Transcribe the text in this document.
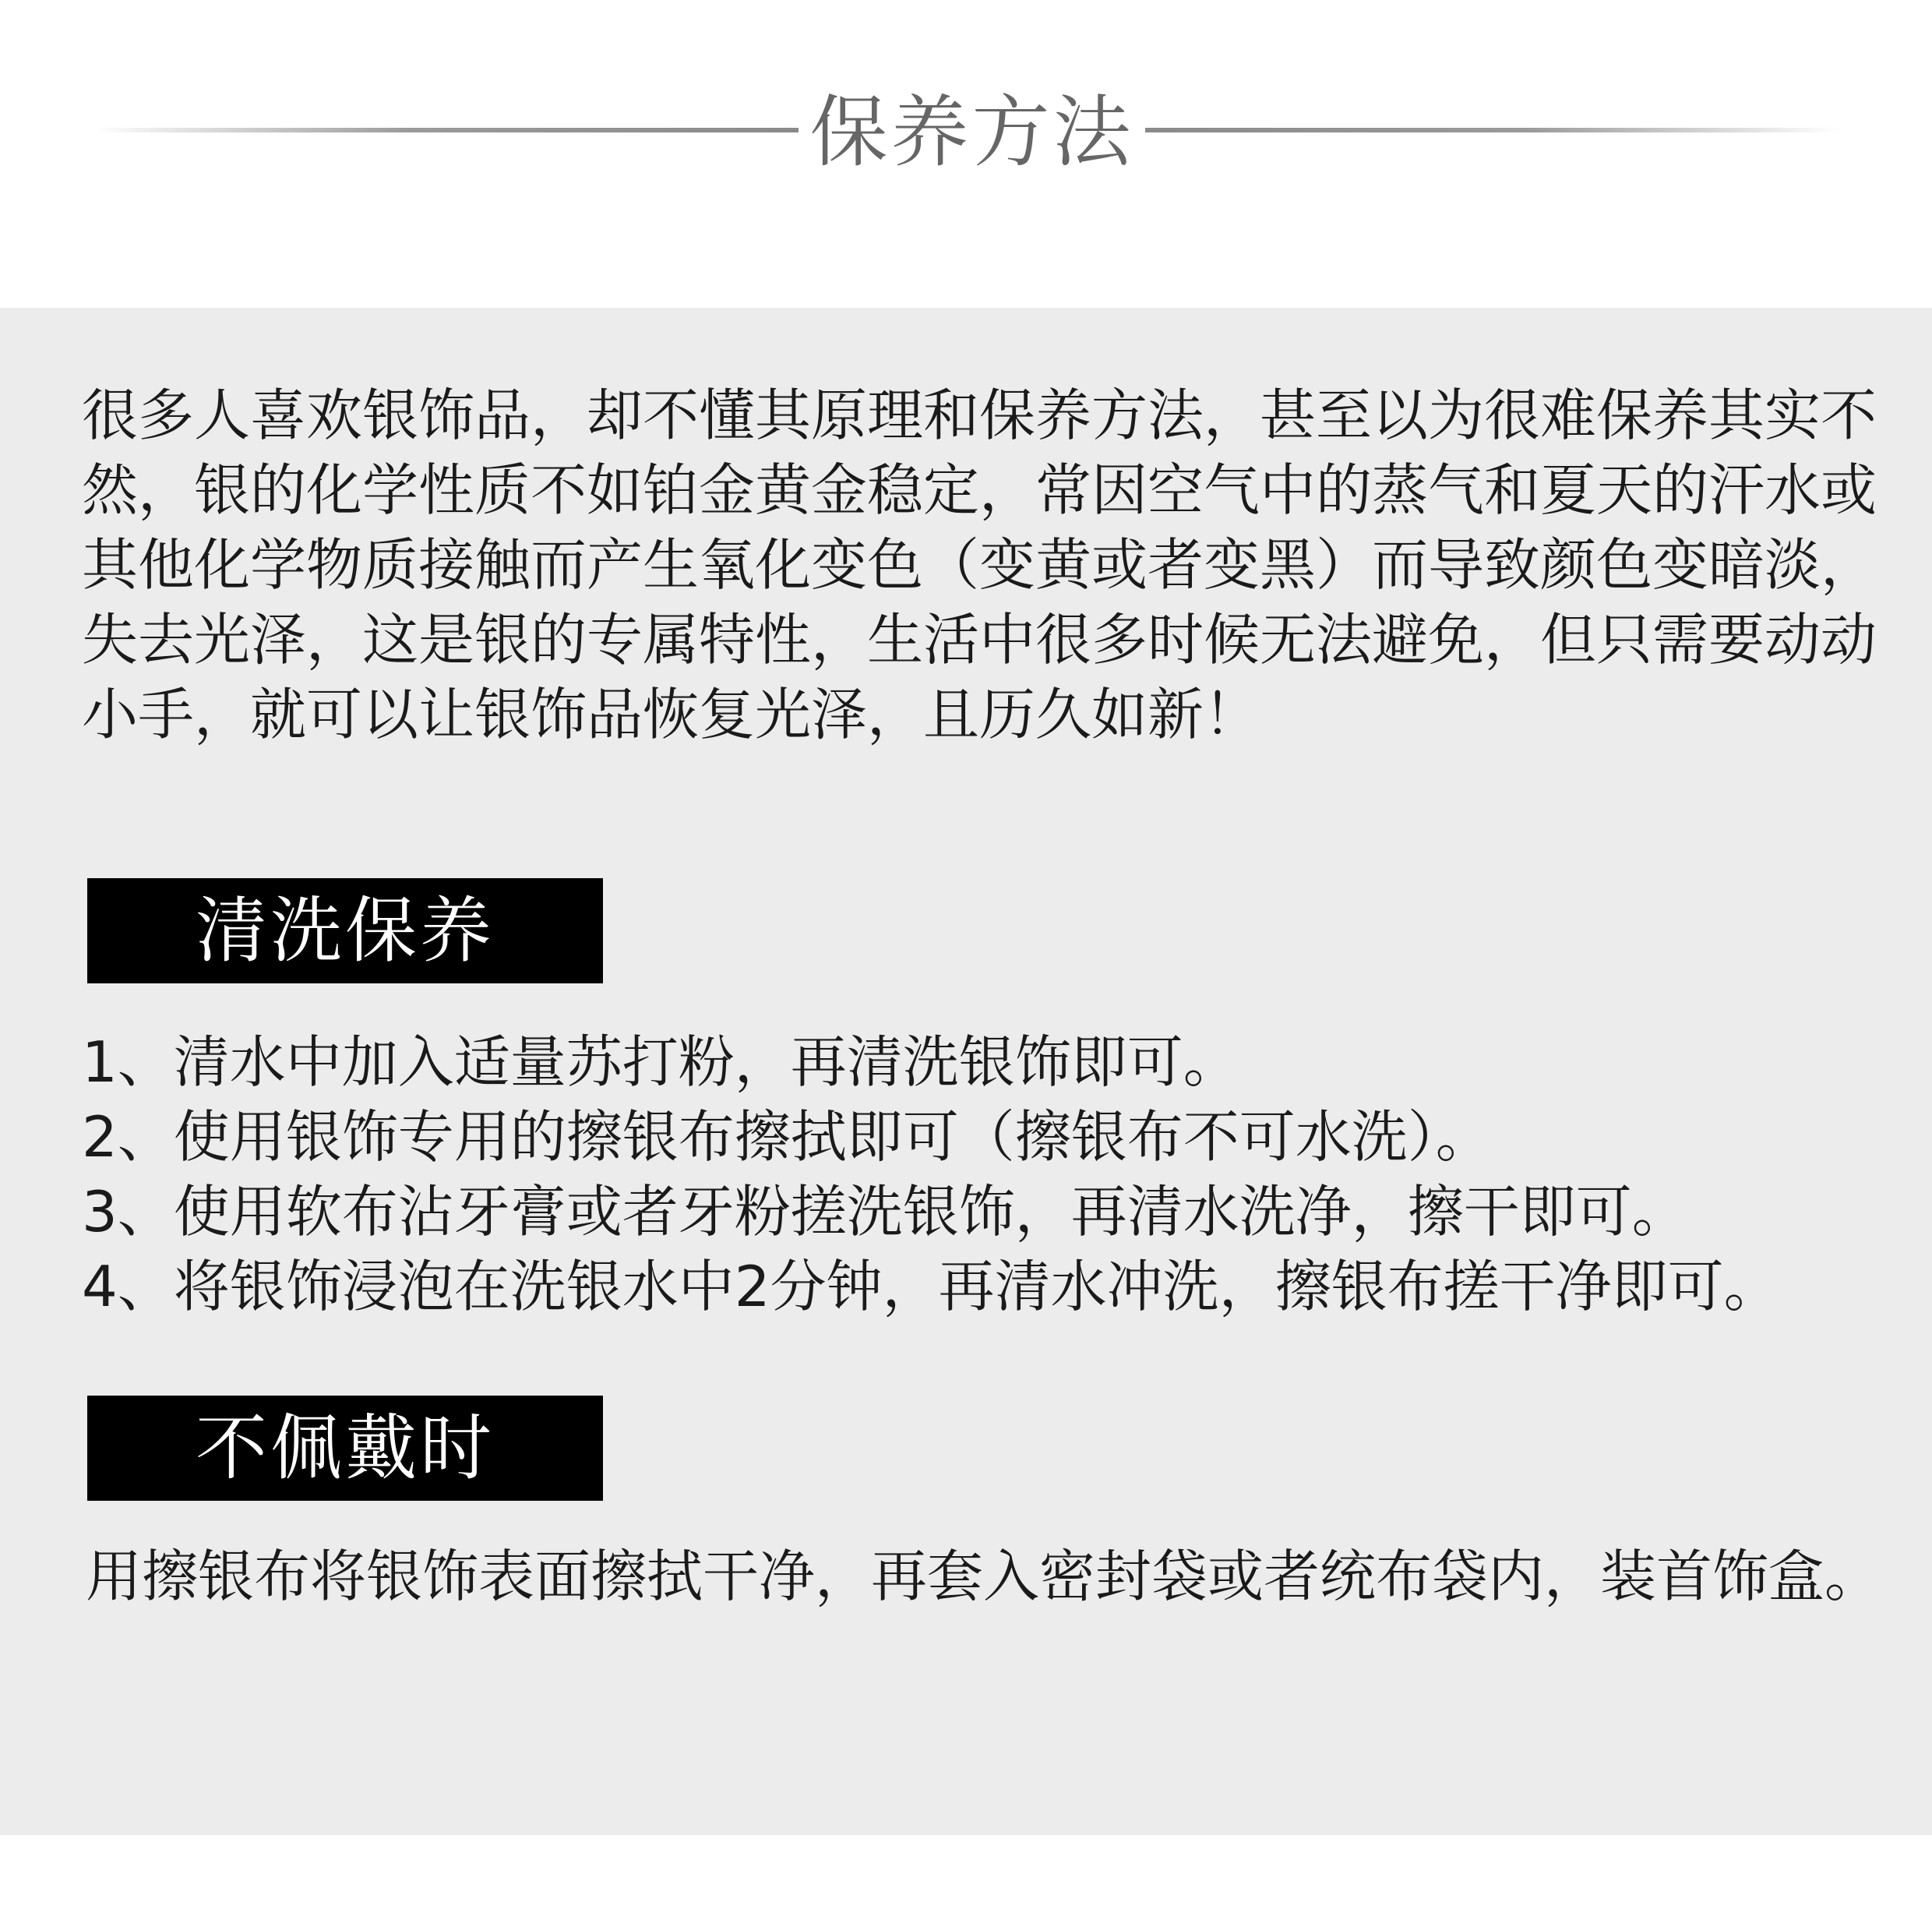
保养方法

很多人喜欢银饰品，却不懂其原理和保养方法，甚至以为很难保养其实不然，银的化学性质不如铂金黄金稳定，常因空气中的蒸气和夏天的汗水或其他化学物质接触而产生氧化变色（变黄或者变黑）而导致颜色变暗淡，失去光泽，这是银的专属特性，生活中很多时候无法避免，但只需要动动小手，就可以让银饰品恢复光泽，且历久如新！

清洗保养
1、清水中加入适量苏打粉，再清洗银饰即可。
2、使用银饰专用的擦银布擦拭即可（擦银布不可水洗）。
3、使用软布沾牙膏或者牙粉搓洗银饰，再清水洗净，擦干即可。
4、将银饰浸泡在洗银水中2分钟，再清水冲洗，擦银布搓干净即可。
不佩戴时

用擦银布将银饰表面擦拭干净，再套入密封袋或者统布袋内，装首饰盒。
